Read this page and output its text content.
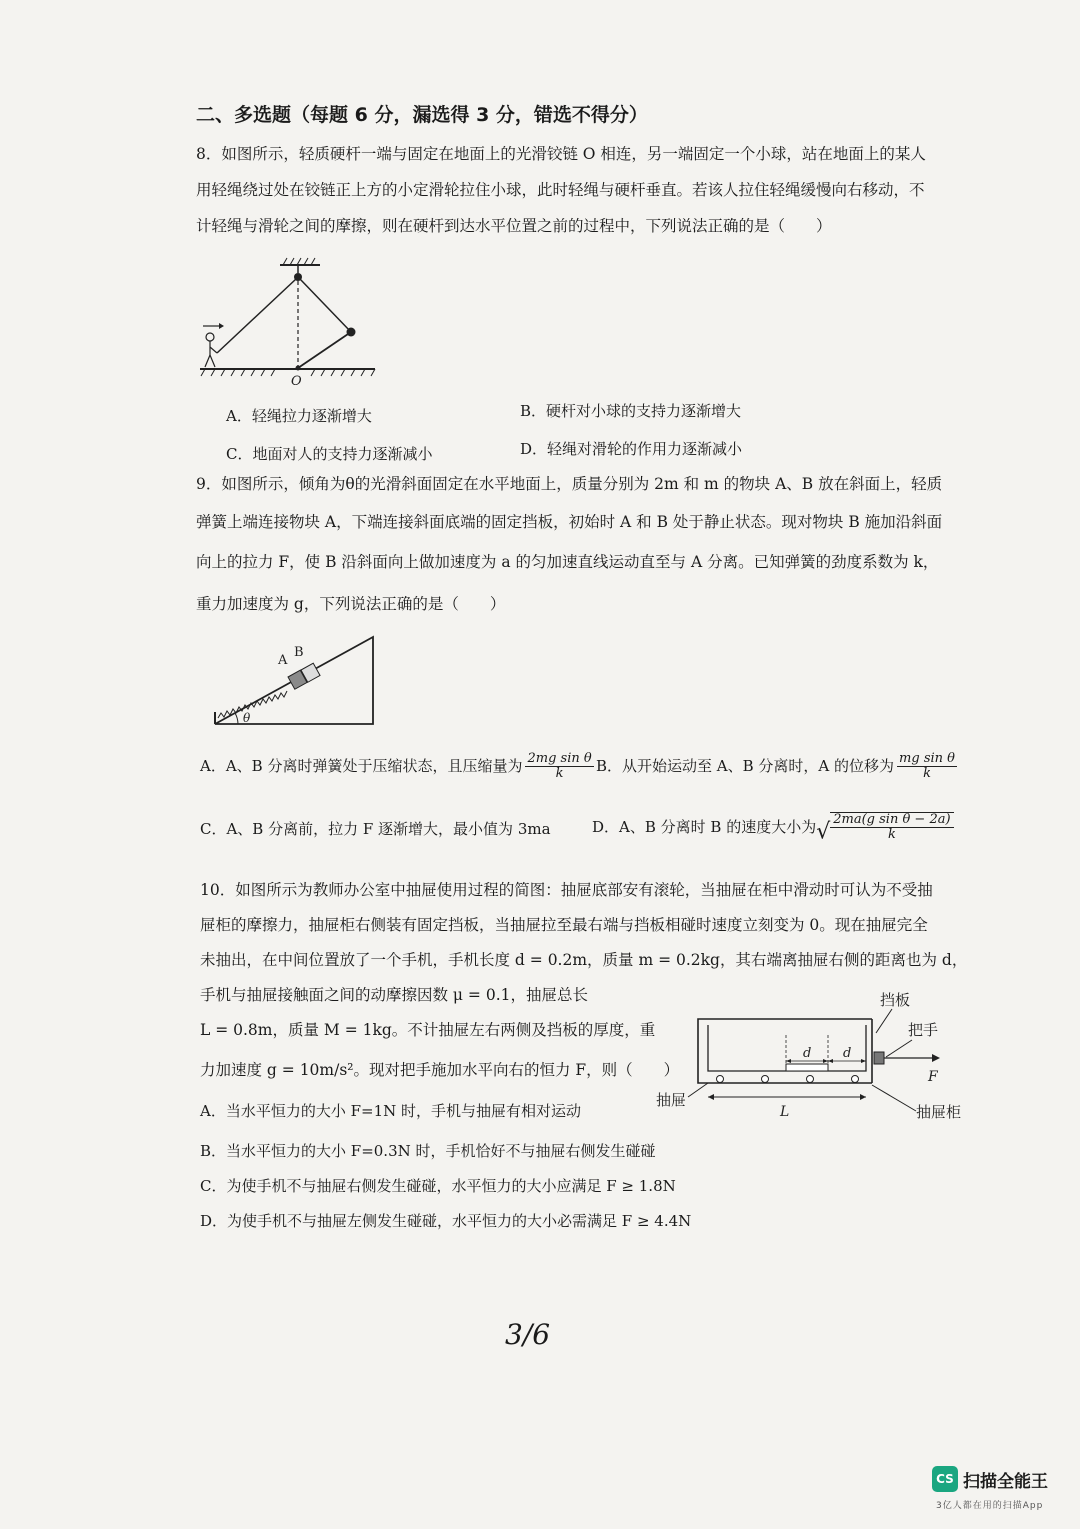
二、多选题（每题 6 分，漏选得 3 分，错选不得分）
8．如图所示，轻质硬杆一端与固定在地面上的光滑铰链 O 相连，另一端固定一个小球，站在地面上的某人
用轻绳绕过处在铰链正上方的小定滑轮拉住小球，此时轻绳与硬杆垂直。若该人拉住轻绳缓慢向右移动，不
计轻绳与滑轮之间的摩擦，则在硬杆到达水平位置之前的过程中，下列说法正确的是（　　）
O
A．轻绳拉力逐渐增大	B．硬杆对小球的支持力逐渐增大
C．地面对人的支持力逐渐减小	D．轻绳对滑轮的作用力逐渐减小
9．如图所示，倾角为θ的光滑斜面固定在水平地面上，质量分别为 2m 和 m 的物块 A、B 放在斜面上，轻质
弹簧上端连接物块 A，下端连接斜面底端的固定挡板，初始时 A 和 B 处于静止状态。现对物块 B 施加沿斜面
向上的拉力 F，使 B 沿斜面向上做加速度为 a 的匀加速直线运动直至与 A 分离。已知弹簧的劲度系数为 k，
重力加速度为 g，下列说法正确的是（　　）
A
B
θ
A．A、B 分离时弹簧处于压缩状态，且压缩量为 $\frac{\text{2mg sin θ}}{k}$ B．从开始运动至 A、B 分离时，A 的位移为 $\frac{\text{mg sin θ}}{k}$
C．A、B 分离前，拉力 F 逐渐增大，最小值为 3ma	D．A、B 分离时 B 的速度大小为√ $\frac{\text{2ma(g sin θ − 2a)}}{k}$
10．如图所示为教师办公室中抽屉使用过程的简图：抽屉底部安有滚轮，当抽屉在柜中滑动时可认为不受抽
屉柜的摩擦力，抽屉柜右侧装有固定挡板，当抽屉拉至最右端与挡板相碰时速度立刻变为 0。现在抽屉完全
未抽出，在中间位置放了一个手机，手机长度 d = 0.2m，质量 m = 0.2kg，其右端离抽屉右侧的距离也为 d，
手机与抽屉接触面之间的动摩擦因数 μ = 0.1，抽屉总长
L = 0.8m，质量 M = 1kg。不计抽屉左右两侧及挡板的厚度，重
力加速度 g = 10m/s²。现对把手施加水平向右的恒力 F，则（　　）
挡板
把手
d d
F
L
抽屉
抽屉柜
A．当水平恒力的大小 F=1N 时，手机与抽屉有相对运动
B．当水平恒力的大小 F=0.3N 时，手机恰好不与抽屉右侧发生碰碰
C．为使手机不与抽屉右侧发生碰碰，水平恒力的大小应满足 F ≥ 1.8N
D．为使手机不与抽屉左侧发生碰碰，水平恒力的大小必需满足 F ≥ 4.4N
3/6
CS 扫描全能王
3亿人都在用的扫描App
